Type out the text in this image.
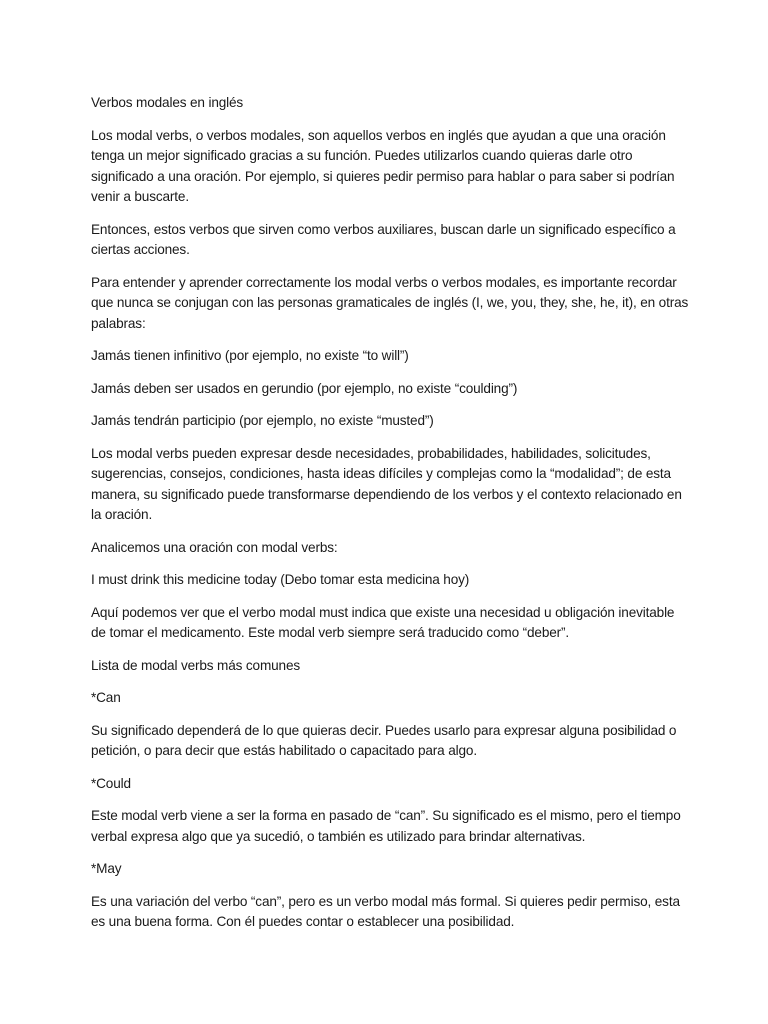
Verbos modales en inglés

Los modal verbs, o verbos modales, son aquellos verbos en inglés que ayudan a que una oración tenga un mejor significado gracias a su función. Puedes utilizarlos cuando quieras darle otro significado a una oración. Por ejemplo, si quieres pedir permiso para hablar o para saber si podrían venir a buscarte.

Entonces, estos verbos que sirven como verbos auxiliares, buscan darle un significado específico a ciertas acciones.

Para entender y aprender correctamente los modal verbs o verbos modales, es importante recordar que nunca se conjugan con las personas gramaticales de inglés (I, we, you, they, she, he, it), en otras palabras:

Jamás tienen infinitivo (por ejemplo, no existe “to will”)

Jamás deben ser usados en gerundio (por ejemplo, no existe “coulding”)

Jamás tendrán participio (por ejemplo, no existe “musted”)

Los modal verbs pueden expresar desde necesidades, probabilidades, habilidades, solicitudes, sugerencias, consejos, condiciones, hasta ideas difíciles y complejas como la “modalidad”; de esta manera, su significado puede transformarse dependiendo de los verbos y el contexto relacionado en la oración.

Analicemos una oración con modal verbs:

I must drink this medicine today (Debo tomar esta medicina hoy)

Aquí podemos ver que el verbo modal must indica que existe una necesidad u obligación inevitable de tomar el medicamento. Este modal verb siempre será traducido como “deber”.

Lista de modal verbs más comunes

*Can

Su significado dependerá de lo que quieras decir. Puedes usarlo para expresar alguna posibilidad o petición, o para decir que estás habilitado o capacitado para algo.

*Could

Este modal verb viene a ser la forma en pasado de “can”. Su significado es el mismo, pero el tiempo verbal expresa algo que ya sucedió, o también es utilizado para brindar alternativas.

*May

Es una variación del verbo “can”, pero es un verbo modal más formal. Si quieres pedir permiso, esta es una buena forma. Con él puedes contar o establecer una posibilidad.
